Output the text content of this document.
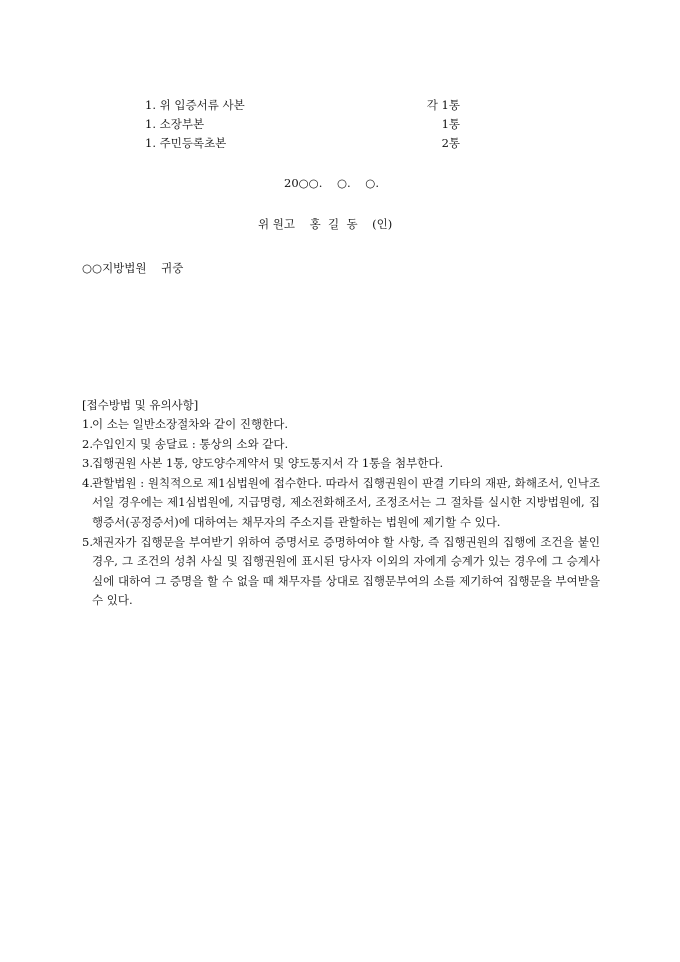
1. 위 입증서류 사본	각 1통
1. 소장부본	1통
1. 주민등록초본	2통
20○○.    ○.    ○.
위 원고    홍  길  동    (인)
○○지방법원    귀중
[접수방법 및 유의사항]
1. 이 소는 일반소장절차와 같이 진행한다.
2. 수입인지 및 송달료 : 통상의 소와 같다.
3. 집행권원 사본 1통, 양도양수계약서 및 양도통지서 각 1통을 첨부한다.
4. 관할법원 : 원칙적으로 제1심법원에 접수한다. 따라서 집행권원이 판결 기타의 재판, 화해조서, 인낙조서일 경우에는 제1심법원에, 지급명령, 제소전화해조서, 조정조서는 그 절차를 실시한 지방법원에, 집행증서(공정증서)에 대하여는 채무자의 주소지를 관할하는 법원에 제기할 수 있다.
5. 채권자가 집행문을 부여받기 위하여 증명서로 증명하여야 할 사항, 즉 집행권원의 집행에 조건을 붙인 경우, 그 조건의 성취 사실 및 집행권원에 표시된 당사자 이외의 자에게 승계가 있는 경우에 그 승계사실에 대하여 그 증명을 할 수 없을 때 채무자를 상대로 집행문부여의 소를 제기하여 집행문을 부여받을 수 있다.
